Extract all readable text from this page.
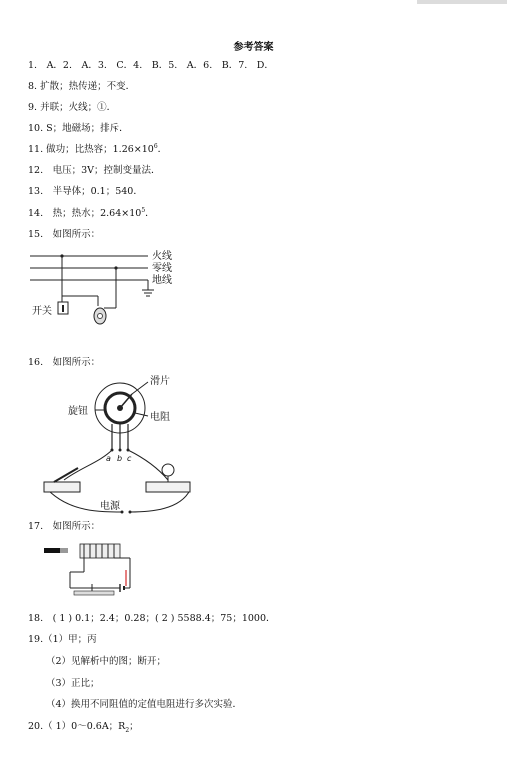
参考答案
1.　A．2.　A．3.　C．4.　B．5.　A．6.　B．7.　D．
8. 扩散；热传递；不变．
9. 并联；火线；①．
10. S；地磁场；排斥．
11. 做功；比热容；$1.26\times 10^6$．
12.　电压；3V；控制变量法．
13.　半导体；0.1；540．
14.　热；热水；$2.64\times 10^5$．
15.　如图所示：
火线
零线
地线
开关
16.　如图所示：
滑片
旋钮
电阻
a b c
电源
17.　如图所示：
18.　( 1 ) 0.1；2.4；0.28；( 2 ) 5588.4；75；1000．
19.（1）甲；丙
（2）见解析中的图；断开；
（3）正比；
（4）换用不同阻值的定值电阻进行多次实验．
20.（ 1）0～0.6A；$R_2$；
